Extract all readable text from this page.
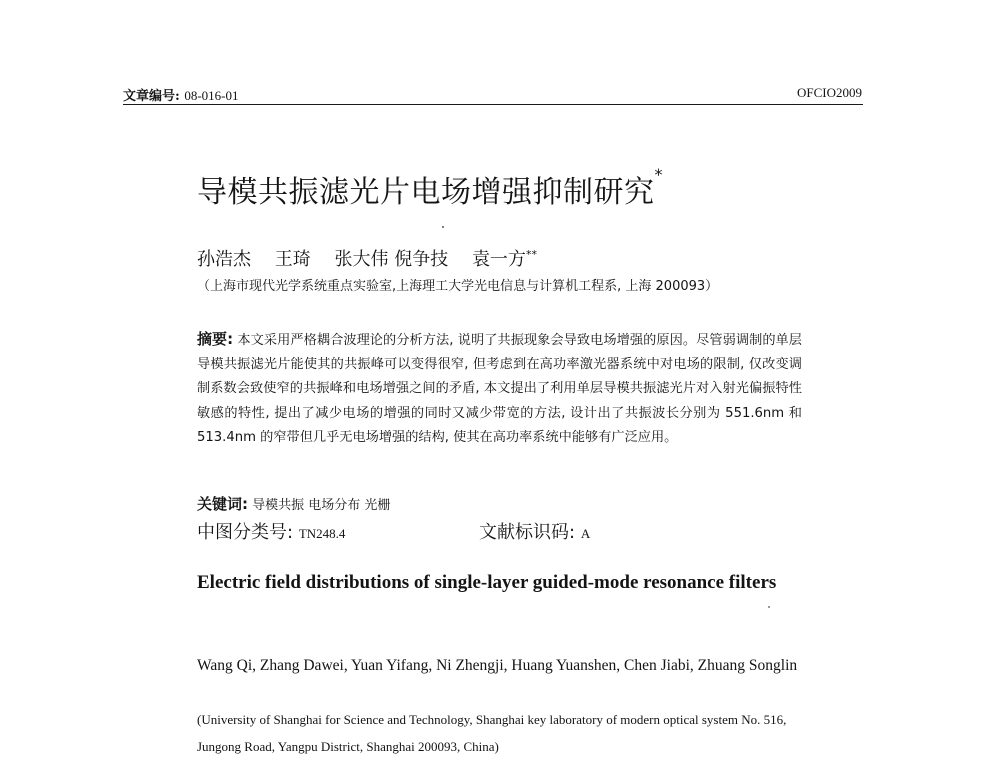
文章编号: 08-016-01	OFCIO2009
导模共振滤光片电场增强抑制研究*
孙浩杰 王琦 张大伟 倪争技 袁一方**
（上海市现代光学系统重点实验室,上海理工大学光电信息与计算机工程系, 上海 200093）
摘要: 本文采用严格耦合波理论的分析方法, 说明了共振现象会导致电场增强的原因。尽管弱调制的单层导模共振滤光片能使其的共振峰可以变得很窄, 但考虑到在高功率激光器系统中对电场的限制, 仅改变调制系数会致使窄的共振峰和电场增强之间的矛盾, 本文提出了利用单层导模共振滤光片对入射光偏振特性敏感的特性, 提出了减少电场的增强的同时又减少带宽的方法, 设计出了共振波长分别为 551.6nm 和 513.4nm 的窄带但几乎无电场增强的结构, 使其在高功率系统中能够有广泛应用。
关键词: 导模共振 电场分布 光栅
中图分类号: TN248.4	文献标识码: A
Electric field distributions of single-layer guided-mode resonance filters
Wang Qi, Zhang Dawei, Yuan Yifang, Ni Zhengji, Huang Yuanshen, Chen Jiabi, Zhuang Songlin
(University of Shanghai for Science and Technology, Shanghai key laboratory of modern optical system No. 516, Jungong Road, Yangpu District, Shanghai 200093, China)
